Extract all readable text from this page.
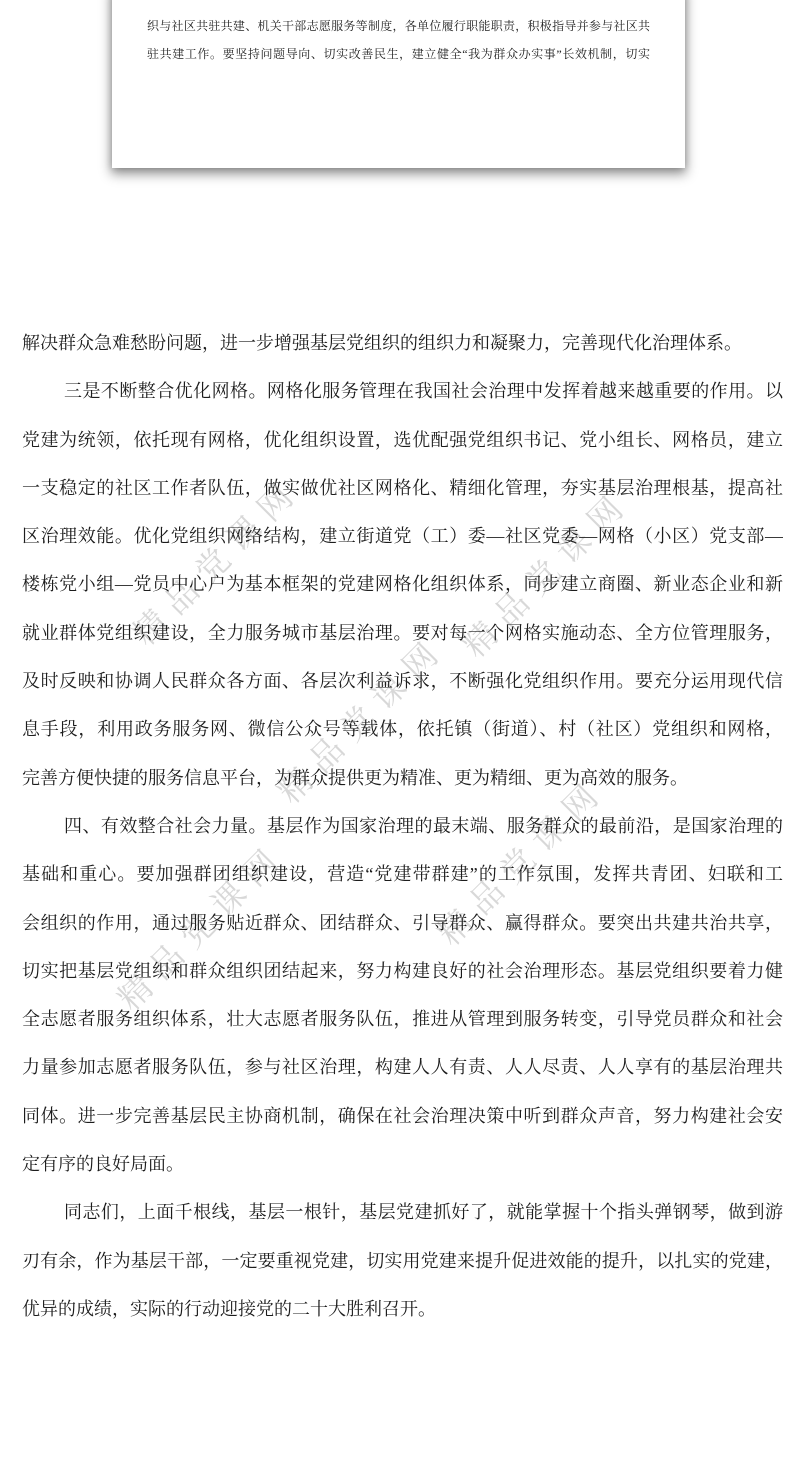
精品党课网	精品党课网
精品党课网
精品党课网
精品党课网
织与社区共驻共建、机关干部志愿服务等制度，各单位履行职能职责，积极指导并参与社区共
驻共建工作。要坚持问题导向、切实改善民生，建立健全“我为群众办实事”长效机制，切实
解决群众急难愁盼问题，进一步增强基层党组织的组织力和凝聚力，完善现代化治理体系。
三是不断整合优化网格。网格化服务管理在我国社会治理中发挥着越来越重要的作用。以
党建为统领，依托现有网格，优化组织设置，选优配强党组织书记、党小组长、网格员，建立
一支稳定的社区工作者队伍，做实做优社区网格化、精细化管理，夯实基层治理根基，提高社
区治理效能。优化党组织网络结构，建立街道党（工）委—社区党委—网格（小区）党支部—
楼栋党小组—党员中心户为基本框架的党建网格化组织体系，同步建立商圈、新业态企业和新
就业群体党组织建设，全力服务城市基层治理。要对每一个网格实施动态、全方位管理服务，
及时反映和协调人民群众各方面、各层次利益诉求，不断强化党组织作用。要充分运用现代信
息手段，利用政务服务网、微信公众号等载体，依托镇（街道）、村（社区）党组织和网格，
完善方便快捷的服务信息平台，为群众提供更为精准、更为精细、更为高效的服务。
四、有效整合社会力量。基层作为国家治理的最末端、服务群众的最前沿，是国家治理的
基础和重心。要加强群团组织建设，营造“党建带群建”的工作氛围，发挥共青团、妇联和工
会组织的作用，通过服务贴近群众、团结群众、引导群众、赢得群众。要突出共建共治共享，
切实把基层党组织和群众组织团结起来，努力构建良好的社会治理形态。基层党组织要着力健
全志愿者服务组织体系，壮大志愿者服务队伍，推进从管理到服务转变，引导党员群众和社会
力量参加志愿者服务队伍，参与社区治理，构建人人有责、人人尽责、人人享有的基层治理共
同体。进一步完善基层民主协商机制，确保在社会治理决策中听到群众声音，努力构建社会安
定有序的良好局面。
同志们，上面千根线，基层一根针，基层党建抓好了，就能掌握十个指头弹钢琴，做到游
刃有余，作为基层干部，一定要重视党建，切实用党建来提升促进效能的提升，以扎实的党建，
优异的成绩，实际的行动迎接党的二十大胜利召开。
